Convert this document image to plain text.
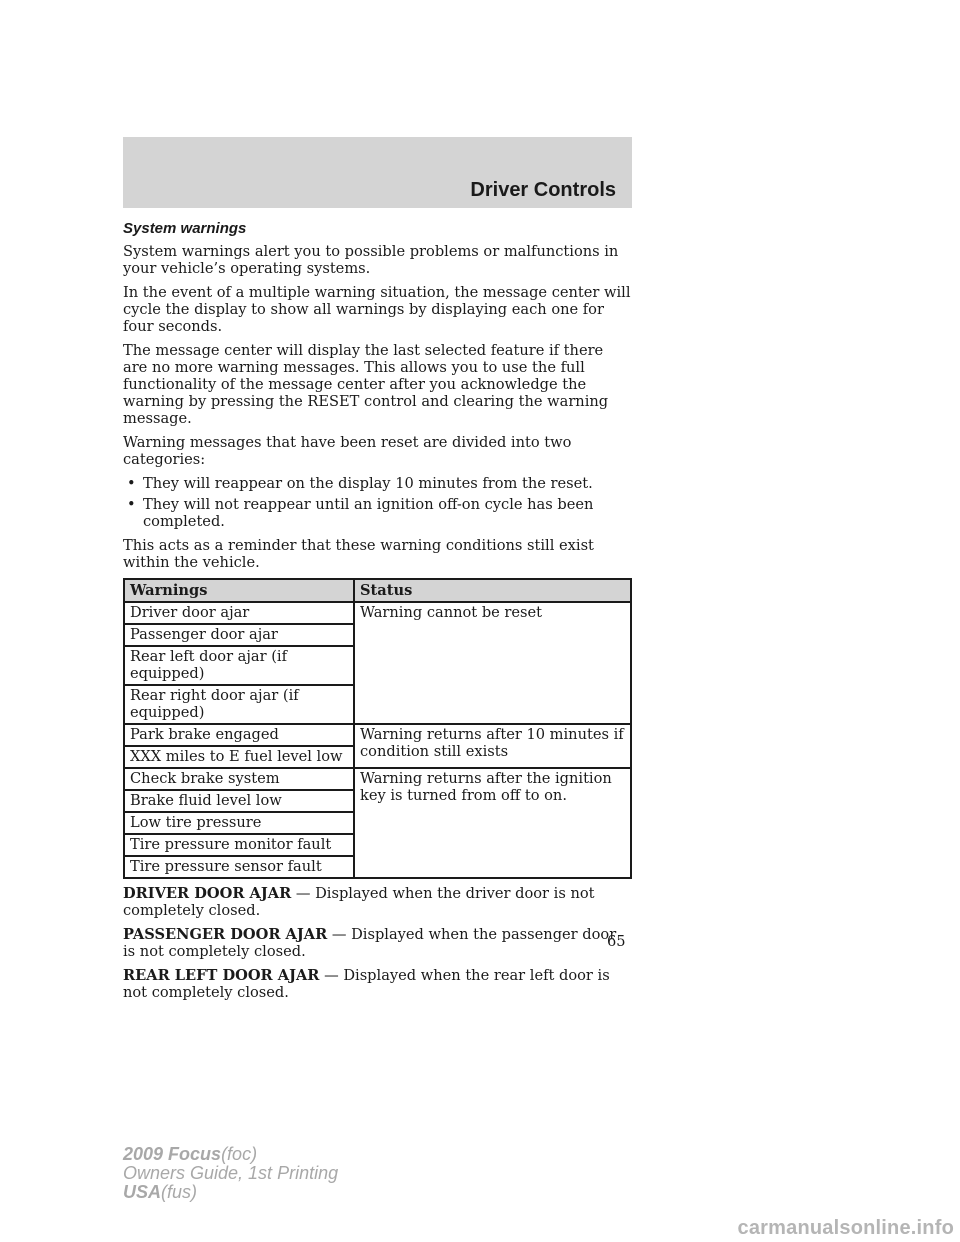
Driver Controls
System warnings

System warnings alert you to possible problems or malfunctions in your vehicle’s operating systems.

In the event of a multiple warning situation, the message center will cycle the display to show all warnings by displaying each one for four seconds.

The message center will display the last selected feature if there are no more warning messages. This allows you to use the full functionality of the message center after you acknowledge the warning by pressing the RESET control and clearing the warning message.

Warning messages that have been reset are divided into two categories:

• They will reappear on the display 10 minutes from the reset.
• They will not reappear until an ignition off-on cycle has been completed.

This acts as a reminder that these warning conditions still exist within the vehicle.

Warnings	Status
Driver door ajar	Warning cannot be reset
Passenger door ajar	
Rear left door ajar (if equipped)	
Rear right door ajar (if equipped)	
Park brake engaged	Warning returns after 10 minutes if condition still exists
XXX miles to E fuel level low	
Check brake system	Warning returns after the ignition key is turned from off to on.
Brake fluid level low	
Low tire pressure	
Tire pressure monitor fault	
Tire pressure sensor fault	

DRIVER DOOR AJAR — Displayed when the driver door is not completely closed.

PASSENGER DOOR AJAR — Displayed when the passenger door is not completely closed.

REAR LEFT DOOR AJAR — Displayed when the rear left door is not completely closed.

65
2009 Focus(foc)
Owners Guide, 1st Printing
USA(fus)
carmanualsonline.info
